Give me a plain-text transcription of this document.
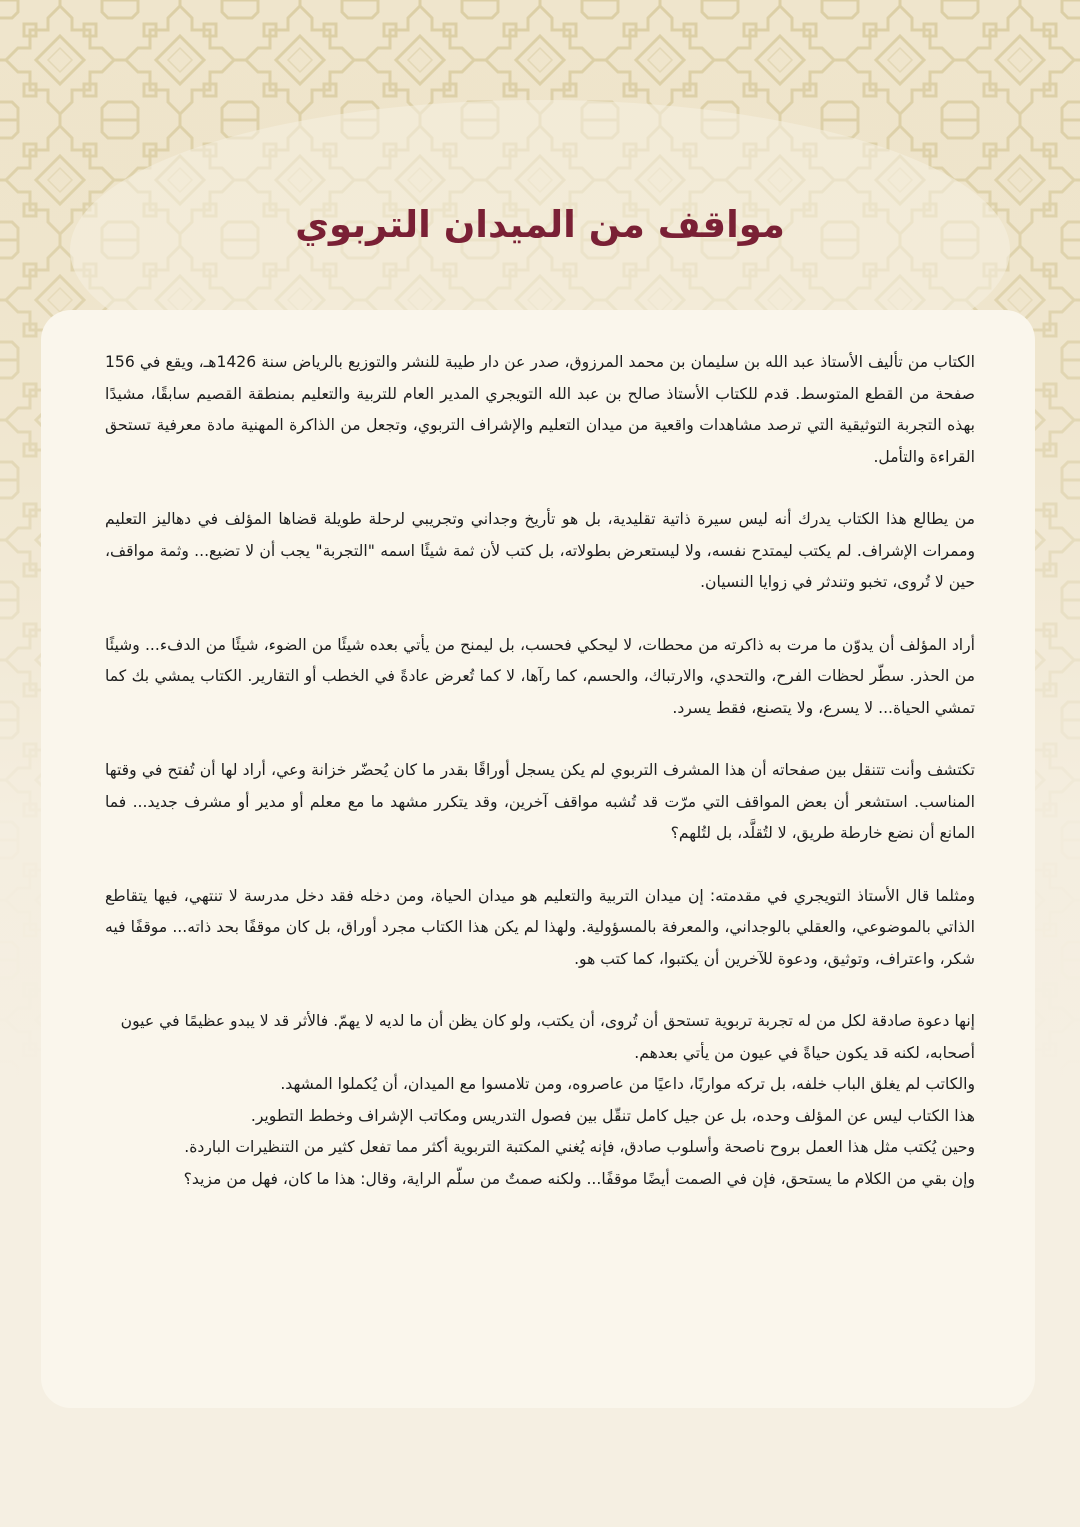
مواقف من الميدان التربوي

الكتاب من تأليف الأستاذ عبد الله بن سليمان بن محمد المرزوق، صدر عن دار طيبة للنشر والتوزيع بالرياض سنة 1426هـ، ويقع في 156 صفحة من القطع المتوسط. قدم للكتاب الأستاذ صالح بن عبد الله التويجري المدير العام للتربية والتعليم بمنطقة القصيم سابقًا، مشيدًا بهذه التجربة التوثيقية التي ترصد مشاهدات واقعية من ميدان التعليم والإشراف التربوي، وتجعل من الذاكرة المهنية مادة معرفية تستحق القراءة والتأمل.

من يطالع هذا الكتاب يدرك أنه ليس سيرة ذاتية تقليدية، بل هو تأريخ وجداني وتجريبي لرحلة طويلة قضاها المؤلف في دهاليز التعليم وممرات الإشراف. لم يكتب ليمتدح نفسه، ولا ليستعرض بطولاته، بل كتب لأن ثمة شيئًا اسمه "التجربة" يجب أن لا تضيع... وثمة مواقف، حين لا تُروى، تخبو وتندثر في زوايا النسيان.

أراد المؤلف أن يدوّن ما مرت به ذاكرته من محطات، لا ليحكي فحسب، بل ليمنح من يأتي بعده شيئًا من الضوء، شيئًا من الدفء... وشيئًا من الحذر. سطّر لحظات الفرح، والتحدي، والارتباك، والحسم، كما رآها، لا كما تُعرض عادةً في الخطب أو التقارير. الكتاب يمشي بك كما تمشي الحياة... لا يسرع، ولا يتصنع، فقط يسرد.

تكتشف وأنت تتنقل بين صفحاته أن هذا المشرف التربوي لم يكن يسجل أوراقًا بقدر ما كان يُحضّر خزانة وعي، أراد لها أن تُفتح في وقتها المناسب. استشعر أن بعض المواقف التي مرّت قد تُشبه مواقف آخرين، وقد يتكرر مشهد ما مع معلم أو مدير أو مشرف جديد... فما المانع أن نضع خارطة طريق، لا لتُقلَّد، بل لتُلهم؟

ومثلما قال الأستاذ التويجري في مقدمته: إن ميدان التربية والتعليم هو ميدان الحياة، ومن دخله فقد دخل مدرسة لا تنتهي، فيها يتقاطع الذاتي بالموضوعي، والعقلي بالوجداني، والمعرفة بالمسؤولية. ولهذا لم يكن هذا الكتاب مجرد أوراق، بل كان موقفًا بحد ذاته... موقفًا فيه شكر، واعتراف، وتوثيق، ودعوة للآخرين أن يكتبوا، كما كتب هو.

إنها دعوة صادقة لكل من له تجربة تربوية تستحق أن تُروى، أن يكتب، ولو كان يظن أن ما لديه لا يهمّ. فالأثر قد لا يبدو عظيمًا في عيون أصحابه، لكنه قد يكون حياةً في عيون من يأتي بعدهم.

والكاتب لم يغلق الباب خلفه، بل تركه مواربًا، داعيًا من عاصروه، ومن تلامسوا مع الميدان، أن يُكملوا المشهد.

هذا الكتاب ليس عن المؤلف وحده، بل عن جيل كامل تنقّل بين فصول التدريس ومكاتب الإشراف وخطط التطوير.

وحين يُكتب مثل هذا العمل بروح ناصحة وأسلوب صادق، فإنه يُغني المكتبة التربوية أكثر مما تفعل كثير من التنظيرات الباردة.

وإن بقي من الكلام ما يستحق، فإن في الصمت أيضًا موقفًا... ولكنه صمتٌ من سلّم الراية، وقال: هذا ما كان، فهل من مزيد؟
